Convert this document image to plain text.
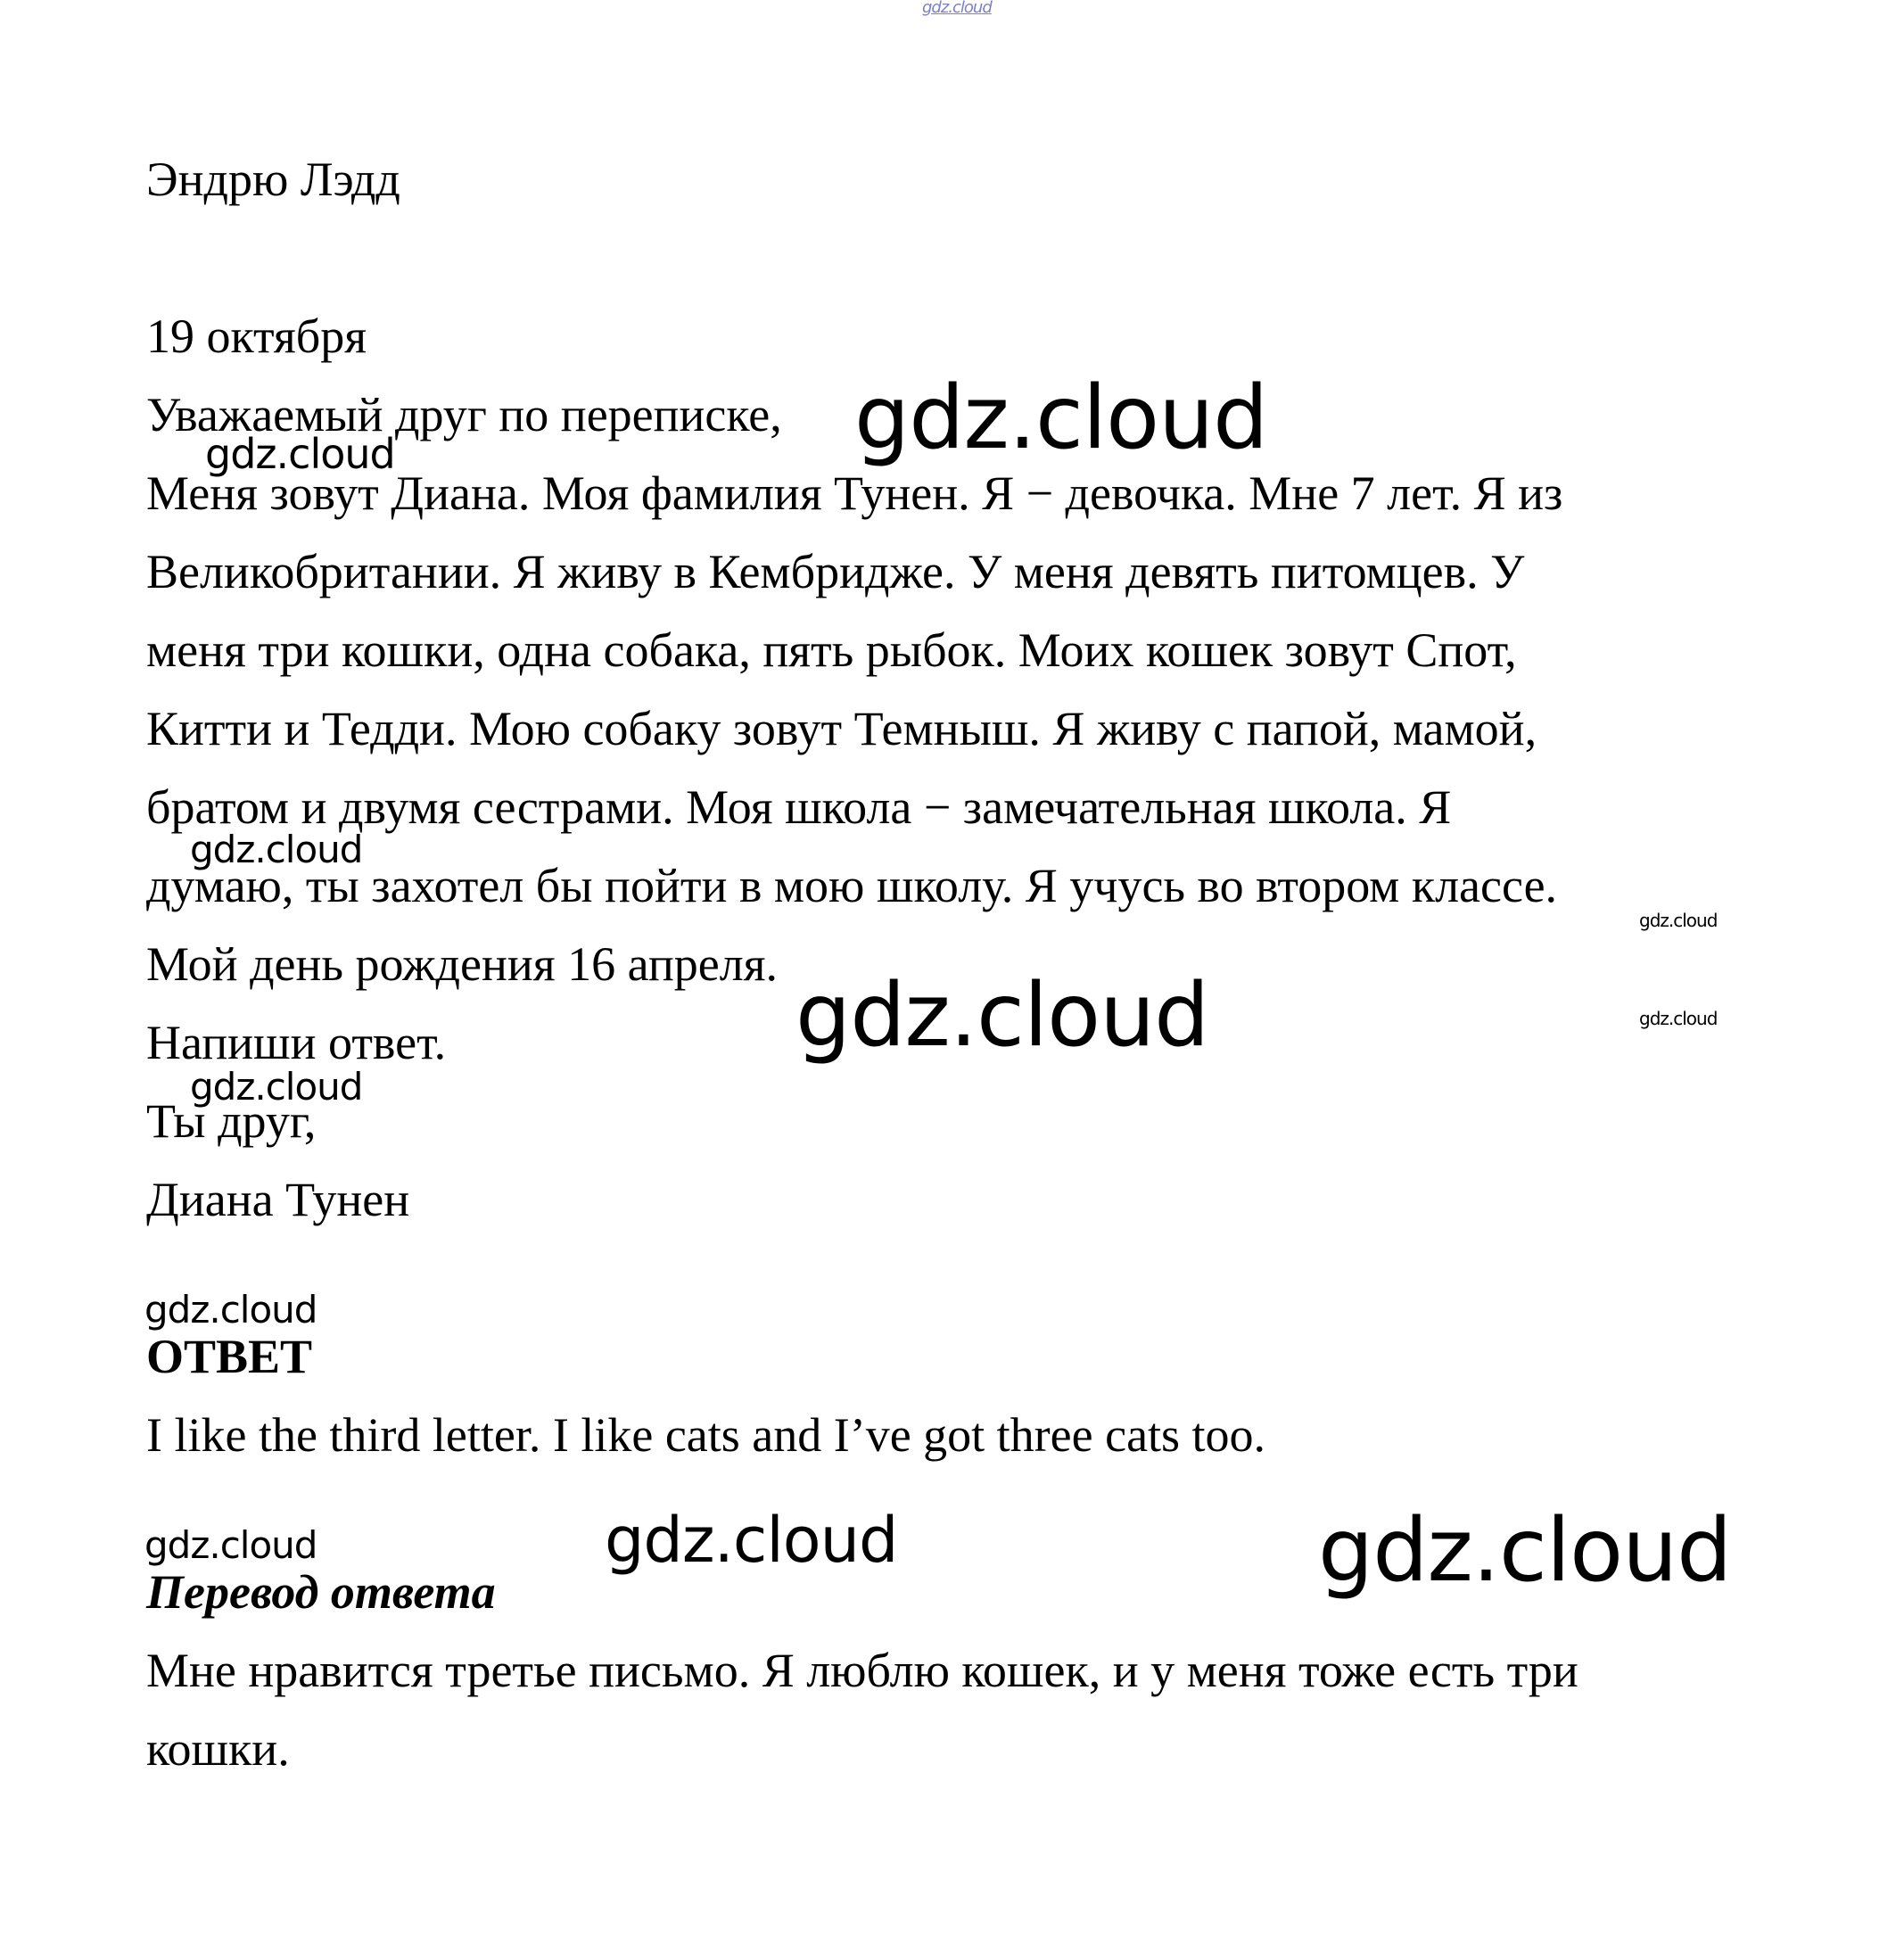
gdz.cloud
gdz.cloud
gdz.cloud
gdz.cloud
gdz.cloud
gdz.cloud	gdz.cloud
gdz.cloud
gdz.cloud
gdz.cloud	gdz.cloud	gdz.cloud
Эндрю Лэдд
19 октября
Уважаемый друг по переписке,
Меня зовут Диана. Моя фамилия Тунен. Я − девочка. Мне 7 лет. Я из
Великобритании. Я живу в Кембридже. У меня девять питомцев. У
меня три кошки, одна собака, пять рыбок. Моих кошек зовут Спот,
Китти и Тедди. Мою собаку зовут Темныш. Я живу с папой, мамой,
братом и двумя сестрами. Моя школа − замечательная школа. Я
думаю, ты захотел бы пойти в мою школу. Я учусь во втором классе.
Мой день рождения 16 апреля.
Напиши ответ.
Ты друг,
Диана Тунен
ОТВЕТ
I like the third letter. I like cats and I’ve got three cats too.
Перевод ответа
Мне нравится третье письмо. Я люблю кошек, и у меня тоже есть три
кошки.
